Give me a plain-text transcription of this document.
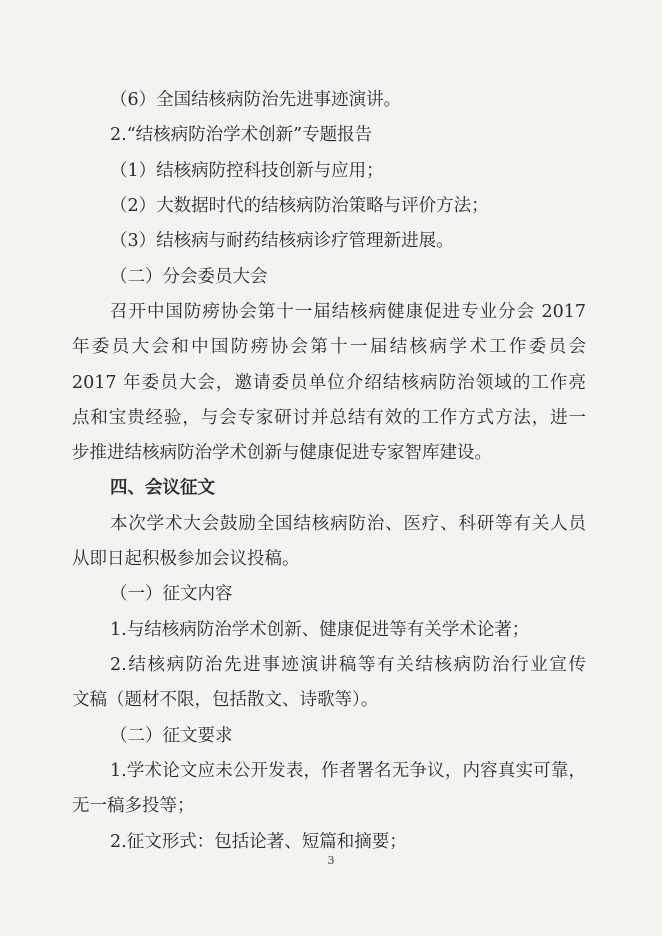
（6）全国结核病防治先进事迹演讲。
2.“结核病防治学术创新”专题报告
（1）结核病防控科技创新与应用；
（2）大数据时代的结核病防治策略与评价方法；
（3）结核病与耐药结核病诊疗管理新进展。
（二）分会委员大会
召开中国防痨协会第十一届结核病健康促进专业分会 2017
年委员大会和中国防痨协会第十一届结核病学术工作委员会
2017 年委员大会，邀请委员单位介绍结核病防治领域的工作亮
点和宝贵经验，与会专家研讨并总结有效的工作方式方法，进一
步推进结核病防治学术创新与健康促进专家智库建设。
四、会议征文
本次学术大会鼓励全国结核病防治、医疗、科研等有关人员
从即日起积极参加会议投稿。
（一）征文内容
1.与结核病防治学术创新、健康促进等有关学术论著；
2.结核病防治先进事迹演讲稿等有关结核病防治行业宣传
文稿（题材不限，包括散文、诗歌等）。
（二）征文要求
1.学术论文应未公开发表，作者署名无争议，内容真实可靠，
无一稿多投等；
2.征文形式：包括论著、短篇和摘要；
3
